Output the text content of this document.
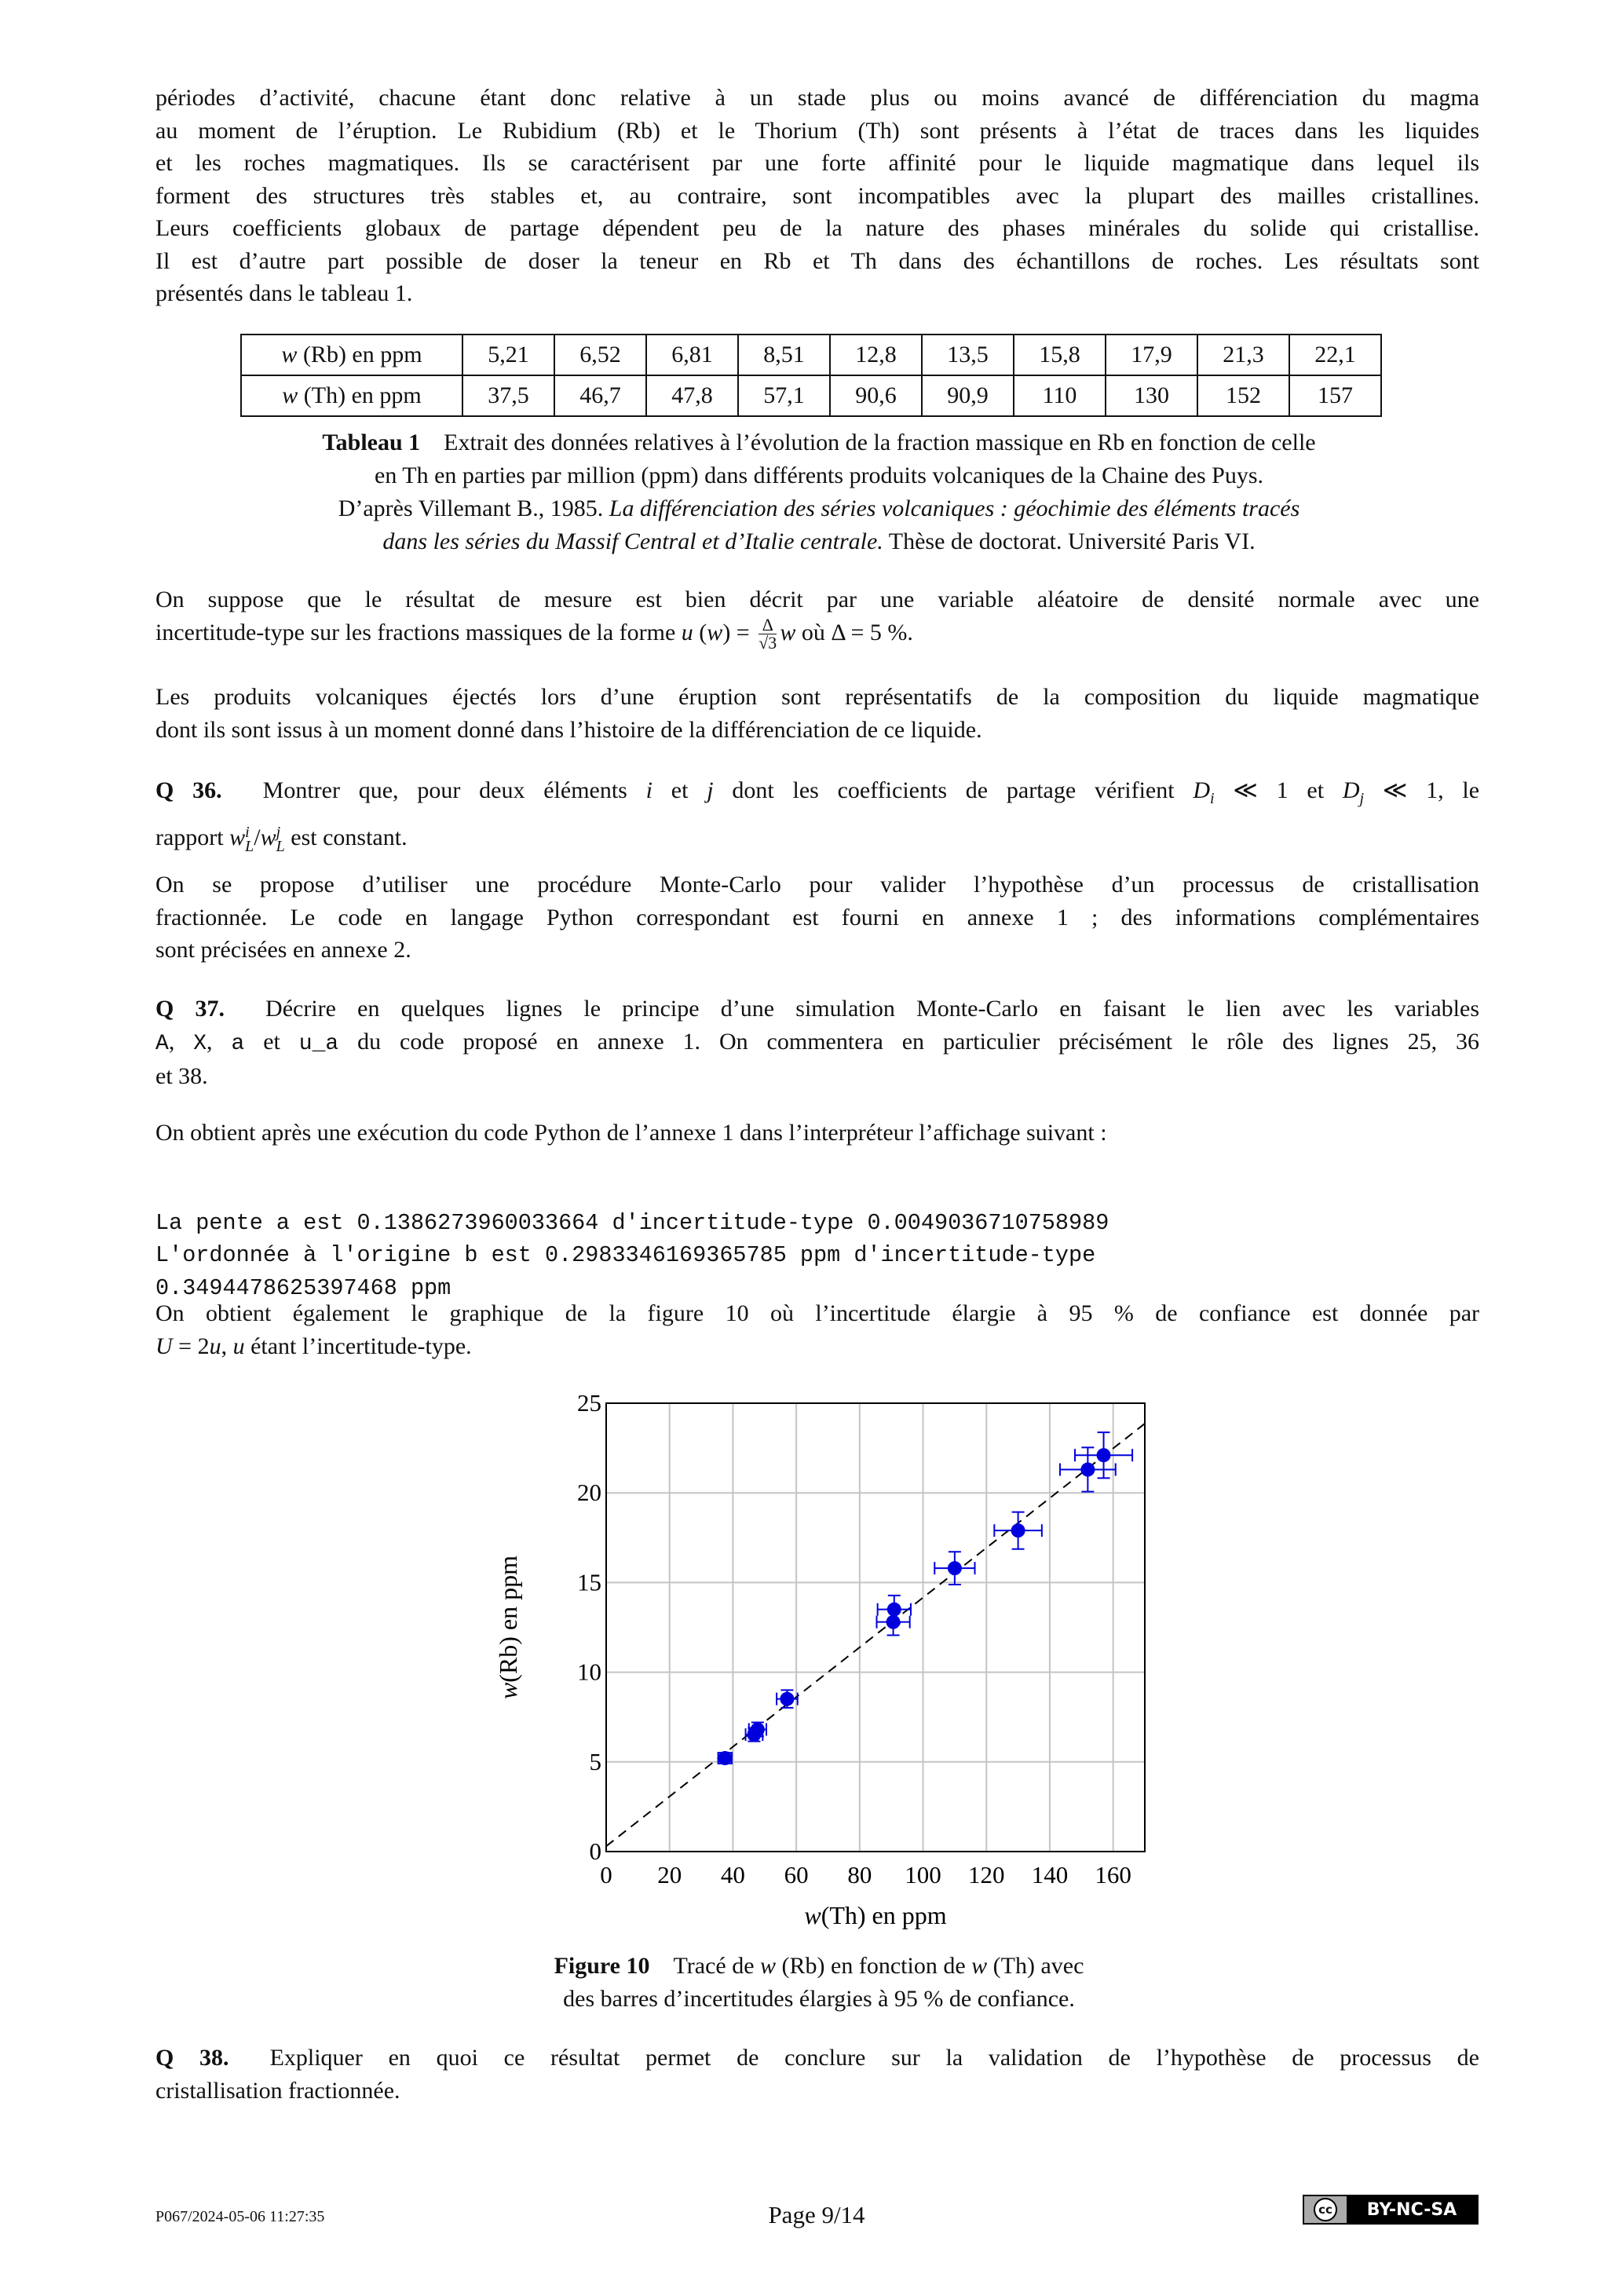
périodes d’activité, chacune étant donc relative à un stade plus ou moins avancé de différenciation du magma
au moment de l’éruption. Le Rubidium (Rb) et le Thorium (Th) sont présents à l’état de traces dans les liquides
et les roches magmatiques. Ils se caractérisent par une forte affinité pour le liquide magmatique dans lequel ils
forment des structures très stables et, au contraire, sont incompatibles avec la plupart des mailles cristallines.
Leurs coefficients globaux de partage dépendent peu de la nature des phases minérales du solide qui cristallise.
Il est d’autre part possible de doser la teneur en Rb et Th dans des échantillons de roches. Les résultats sont
présentés dans le tableau 1.
w (Rb) en ppm	5,21	6,52	6,81	8,51	12,8	13,5	15,8	17,9	21,3	22,1
w (Th) en ppm	37,5	46,7	47,8	57,1	90,6	90,9	110	130	152	157
Tableau 1 Extrait des données relatives à l’évolution de la fraction massique en Rb en fonction de celle
en Th en parties par million (ppm) dans différents produits volcaniques de la Chaine des Puys.
D’après Villemant B., 1985. La différenciation des séries volcaniques : géochimie des éléments tracés
dans les séries du Massif Central et d’Italie centrale. Thèse de doctorat. Université Paris VI.
On suppose que le résultat de mesure est bien décrit par une variable aléatoire de densité normale avec une
incertitude-type sur les fractions massiques de la forme u $(w) = \frac{\Delta}{√3}$ w où Δ = 5 %.
Les produits volcaniques éjectés lors d’une éruption sont représentatifs de la composition du liquide magmatique
dont ils sont issus à un moment donné dans l’histoire de la différenciation de ce liquide.
Q 36. Montrer que, pour deux éléments i et j dont les coefficients de partage vérifient $D_i$ ≪ 1 et $D_j$ ≪ 1, le
rapport w i
L /w j
L est constant.
On se propose d’utiliser une procédure Monte-Carlo pour valider l’hypothèse d’un processus de cristallisation
fractionnée. Le code en langage Python correspondant est fourni en annexe 1 ; des informations complémentaires
sont précisées en annexe 2.
Q 37. Décrire en quelques lignes le principe d’une simulation Monte-Carlo en faisant le lien avec les variables
A, X, a et u_a du code proposé en annexe 1. On commentera en particulier précisément le rôle des lignes 25, 36
et 38.
On obtient après une exécution du code Python de l’annexe 1 dans l’interpréteur l’affichage suivant :

La pente a est 0.1386273960033664 d'incertitude-type 0.0049036710758989
L'ordonnée à l'origine b est 0.2983346169365785 ppm d'incertitude-type
0.3494478625397468 ppm

On obtient également le graphique de la figure 10 où l’incertitude élargie à 95 % de confiance est donnée par
U = 2u, u étant l’incertitude-type.
0 20 40 60 80 100 120 140 160
0
5
10
15
20
25
w(Th) en ppm
w(Rb) en ppm
Figure 10 Tracé de w (Rb) en fonction de w (Th) avec
des barres d’incertitudes élargies à 95 % de confiance.
Q 38. Expliquer en quoi ce résultat permet de conclure sur la validation de l’hypothèse de processus de
cristallisation fractionnée.
P067/2024-05-06 11:27:35	Page 9/14	cc	BY-NC-SA
